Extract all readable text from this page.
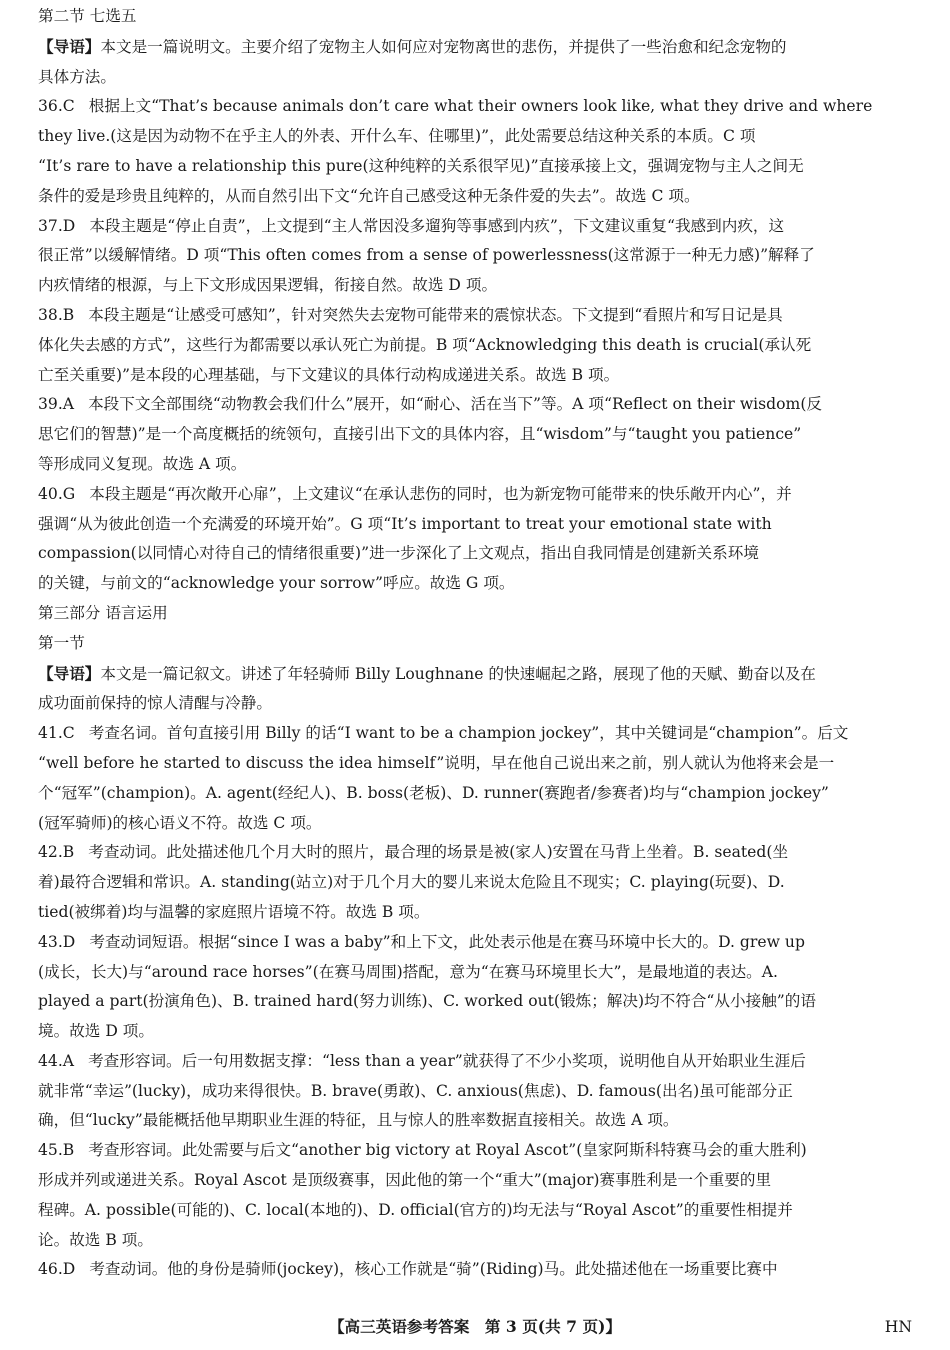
第二节 七选五
【导语】本文是一篇说明文。主要介绍了宠物主人如何应对宠物离世的悲伤，并提供了一些治愈和纪念宠物的
具体方法。
36.C 根据上文“That’s because animals don’t care what their owners look like, what they drive and where
they live.(这是因为动物不在乎主人的外表、开什么车、住哪里)”，此处需要总结这种关系的本质。C 项
“It’s rare to have a relationship this pure(这种纯粹的关系很罕见)”直接承接上文，强调宠物与主人之间无
条件的爱是珍贵且纯粹的，从而自然引出下文“允许自己感受这种无条件爱的失去”。故选 C 项。
37.D 本段主题是“停止自责”，上文提到“主人常因没多遛狗等事感到内疚”，下文建议重复“我感到内疚，这
很正常”以缓解情绪。D 项“This often comes from a sense of powerlessness(这常源于一种无力感)”解释了
内疚情绪的根源，与上下文形成因果逻辑，衔接自然。故选 D 项。
38.B 本段主题是“让感受可感知”，针对突然失去宠物可能带来的震惊状态。下文提到“看照片和写日记是具
体化失去感的方式”，这些行为都需要以承认死亡为前提。B 项“Acknowledging this death is crucial(承认死
亡至关重要)”是本段的心理基础，与下文建议的具体行动构成递进关系。故选 B 项。
39.A 本段下文全部围绕“动物教会我们什么”展开，如“耐心、活在当下”等。A 项“Reflect on their wisdom(反
思它们的智慧)”是一个高度概括的统领句，直接引出下文的具体内容，且“wisdom”与“taught you patience”
等形成同义复现。故选 A 项。
40.G 本段主题是“再次敞开心扉”，上文建议“在承认悲伤的同时，也为新宠物可能带来的快乐敞开内心”，并
强调“从为彼此创造一个充满爱的环境开始”。G 项“It’s important to treat your emotional state with
compassion(以同情心对待自己的情绪很重要)”进一步深化了上文观点，指出自我同情是创建新关系环境
的关键，与前文的“acknowledge your sorrow”呼应。故选 G 项。
第三部分 语言运用
第一节
【导语】本文是一篇记叙文。讲述了年轻骑师 Billy Loughnane 的快速崛起之路，展现了他的天赋、勤奋以及在
成功面前保持的惊人清醒与冷静。
41.C 考查名词。首句直接引用 Billy 的话“I want to be a champion jockey”，其中关键词是“champion”。后文
“well before he started to discuss the idea himself”说明，早在他自己说出来之前，别人就认为他将来会是一
个“冠军”(champion)。A. agent(经纪人)、B. boss(老板)、D. runner(赛跑者/参赛者)均与“champion jockey”
(冠军骑师)的核心语义不符。故选 C 项。
42.B 考查动词。此处描述他几个月大时的照片，最合理的场景是被(家人)安置在马背上坐着。B. seated(坐
着)最符合逻辑和常识。A. standing(站立)对于几个月大的婴儿来说太危险且不现实；C. playing(玩耍)、D.
tied(被绑着)均与温馨的家庭照片语境不符。故选 B 项。
43.D 考查动词短语。根据“since I was a baby”和上下文，此处表示他是在赛马环境中长大的。D. grew up
(成长，长大)与“around race horses”(在赛马周围)搭配，意为“在赛马环境里长大”，是最地道的表达。A.
played a part(扮演角色)、B. trained hard(努力训练)、C. worked out(锻炼；解决)均不符合“从小接触”的语
境。故选 D 项。
44.A 考查形容词。后一句用数据支撑：“less than a year”就获得了不少小奖项，说明他自从开始职业生涯后
就非常“幸运”(lucky)，成功来得很快。B. brave(勇敢)、C. anxious(焦虑)、D. famous(出名)虽可能部分正
确，但“lucky”最能概括他早期职业生涯的特征，且与惊人的胜率数据直接相关。故选 A 项。
45.B 考查形容词。此处需要与后文“another big victory at Royal Ascot”(皇家阿斯科特赛马会的重大胜利)
形成并列或递进关系。Royal Ascot 是顶级赛事，因此他的第一个“重大”(major)赛事胜利是一个重要的里
程碑。A. possible(可能的)、C. local(本地的)、D. official(官方的)均无法与“Royal Ascot”的重要性相提并
论。故选 B 项。
46.D 考查动词。他的身份是骑师(jockey)，核心工作就是“骑”(Riding)马。此处描述他在一场重要比赛中
【高三英语参考答案　第 3 页(共 7 页)】	HN
